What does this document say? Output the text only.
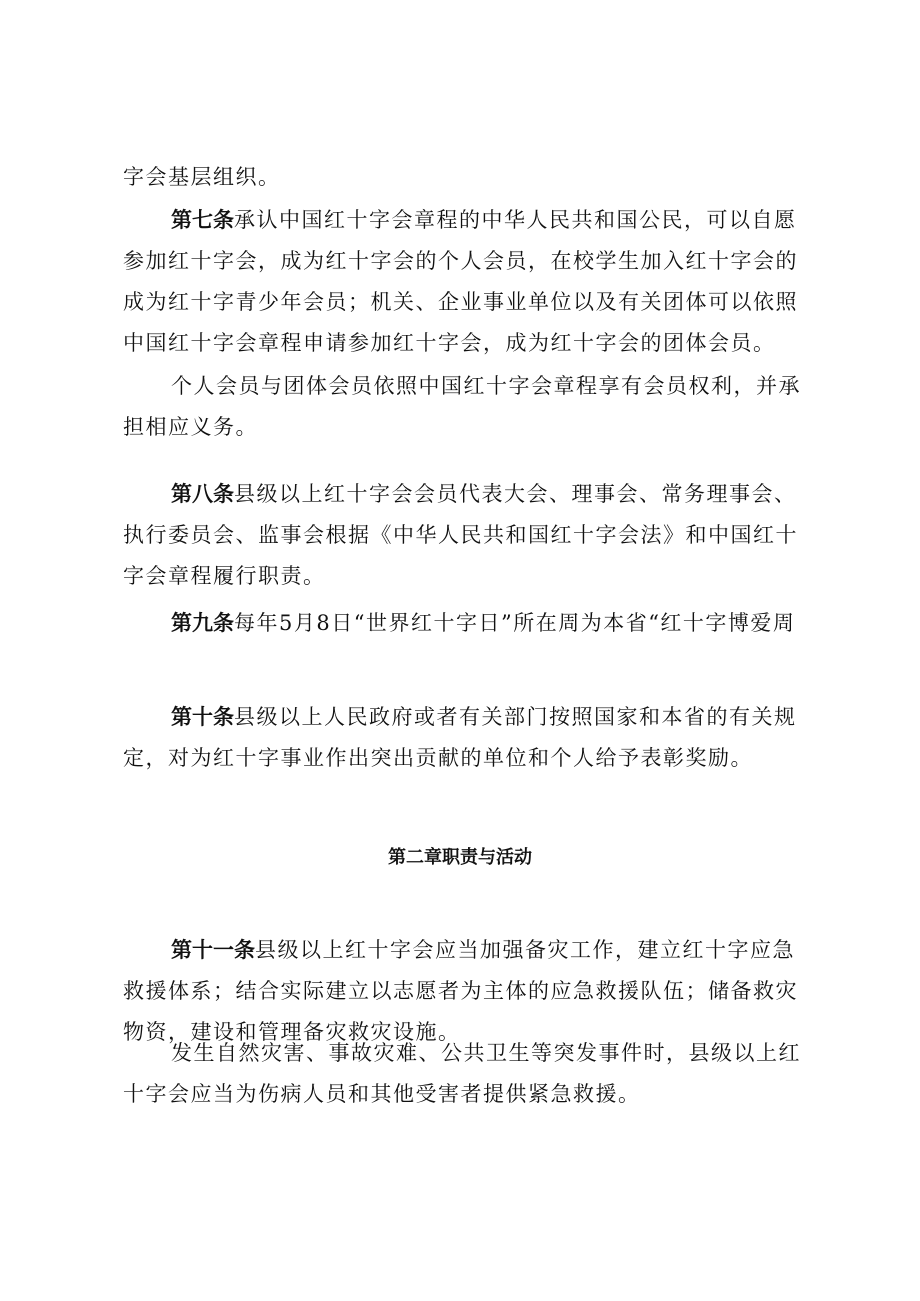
字会基层组织。

第七条承认中国红十字会章程的中华人民共和国公民，可以自愿参加红十字会，成为红十字会的个人会员，在校学生加入红十字会的成为红十字青少年会员；机关、企业事业单位以及有关团体可以依照中国红十字会章程申请参加红十字会，成为红十字会的团体会员。

个人会员与团体会员依照中国红十字会章程享有会员权利，并承担相应义务。

第八条县级以上红十字会会员代表大会、理事会、常务理事会、执行委员会、监事会根据《中华人民共和国红十字会法》和中国红十字会章程履行职责。

第九条每年5月8日“世界红十字日”所在周为本省“红十字博爱周

第十条县级以上人民政府或者有关部门按照国家和本省的有关规定，对为红十字事业作出突出贡献的单位和个人给予表彰奖励。

第二章职责与活动

第十一条县级以上红十字会应当加强备灾工作，建立红十字应急救援体系；结合实际建立以志愿者为主体的应急救援队伍；储备救灾物资，建设和管理备灾救灾设施。

发生自然灾害、事故灾难、公共卫生等突发事件时，县级以上红十字会应当为伤病人员和其他受害者提供紧急救援。
